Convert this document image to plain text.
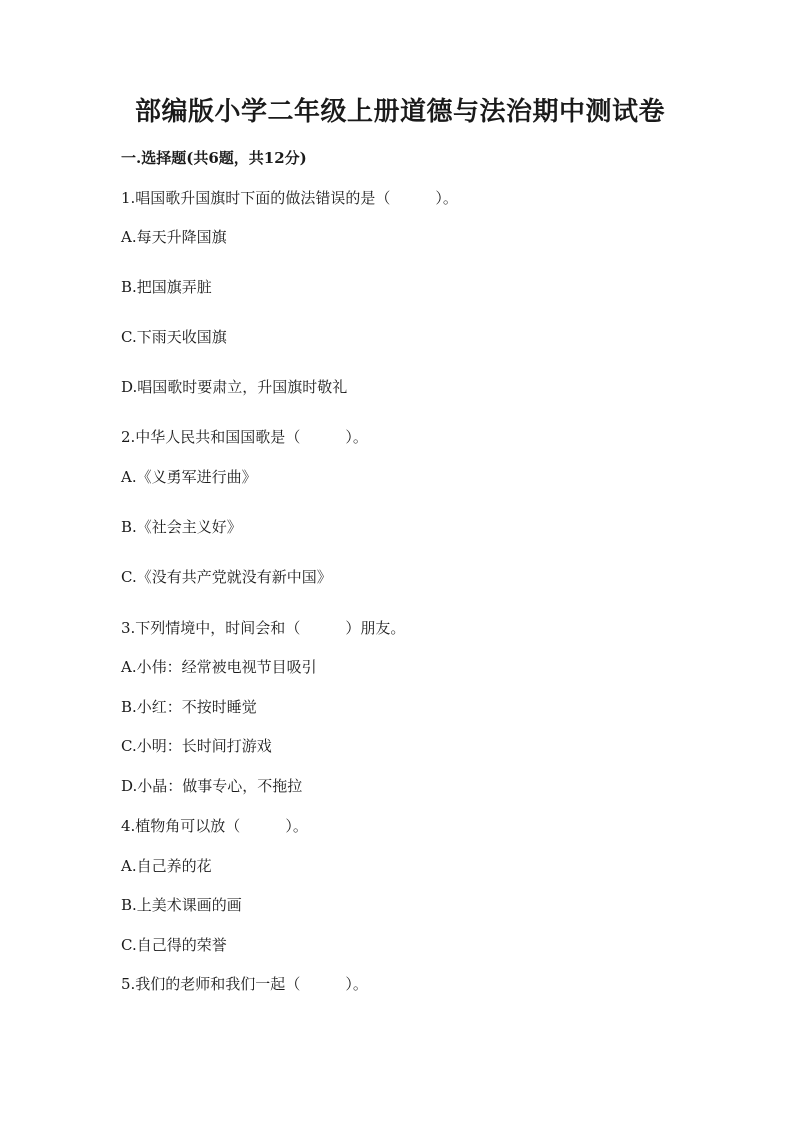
部编版小学二年级上册道德与法治期中测试卷
一.选择题(共6题，共12分)
1.唱国歌升国旗时下面的做法错误的是（　　　）。
A.每天升降国旗
B.把国旗弄脏
C.下雨天收国旗
D.唱国歌时要肃立，升国旗时敬礼
2.中华人民共和国国歌是（　　　）。
A.《义勇军进行曲》
B.《社会主义好》
C.《没有共产党就没有新中国》
3.下列情境中，时间会和（　　　）朋友。
A.小伟：经常被电视节目吸引
B.小红：不按时睡觉
C.小明：长时间打游戏
D.小晶：做事专心，不拖拉
4.植物角可以放（　　　）。
A.自己养的花
B.上美术课画的画
C.自己得的荣誉
5.我们的老师和我们一起（　　　）。
